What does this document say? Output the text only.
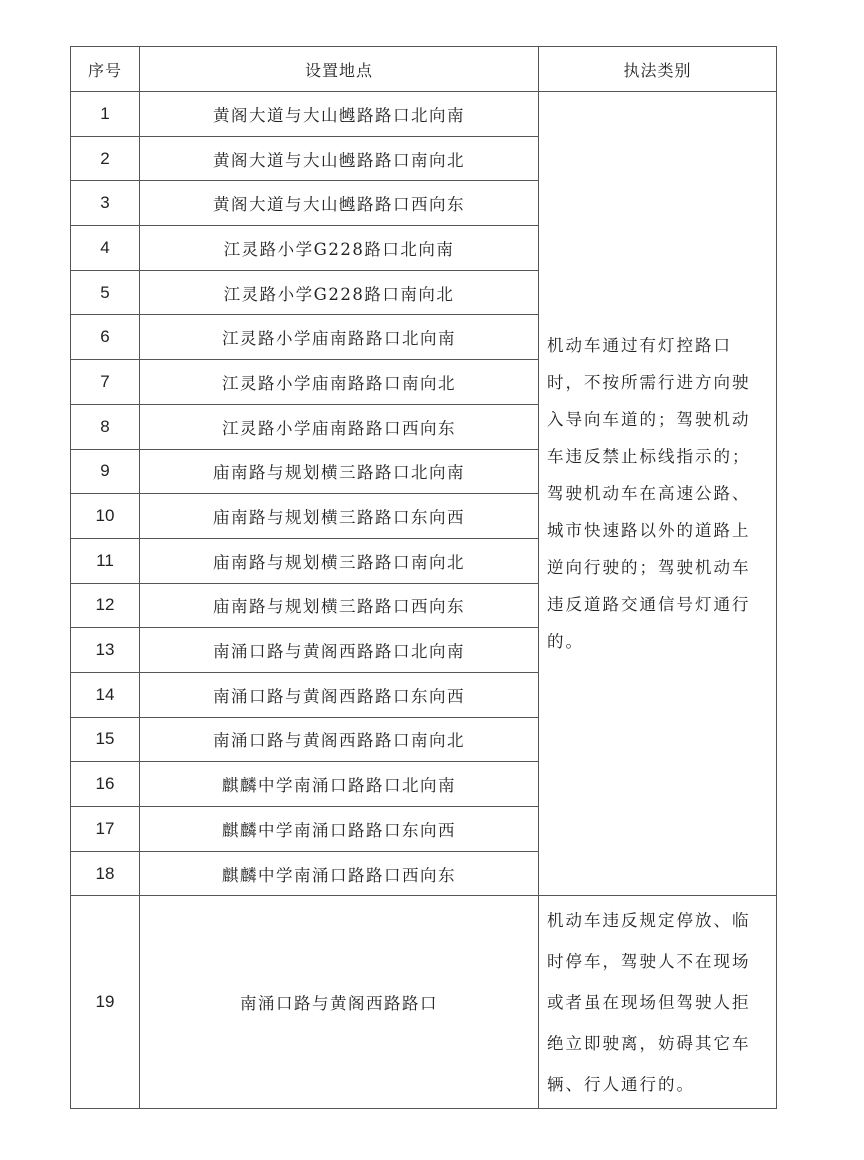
序号	设置地点	执法类别
1	黄阁大道与大山乸路路口北向南	机动车通过有灯控路口时，不按所需行进方向驶入导向车道的；驾驶机动车违反禁止标线指示的；驾驶机动车在高速公路、城市快速路以外的道路上逆向行驶的；驾驶机动车违反道路交通信号灯通行的。
2	黄阁大道与大山乸路路口南向北	
3	黄阁大道与大山乸路路口西向东	
4	江灵路小学G228路口北向南	
5	江灵路小学G228路口南向北	
6	江灵路小学庙南路路口北向南	
7	江灵路小学庙南路路口南向北	
8	江灵路小学庙南路路口西向东	
9	庙南路与规划横三路路口北向南	
10	庙南路与规划横三路路口东向西	
11	庙南路与规划横三路路口南向北	
12	庙南路与规划横三路路口西向东	
13	南涌口路与黄阁西路路口北向南	
14	南涌口路与黄阁西路路口东向西	
15	南涌口路与黄阁西路路口南向北	
16	麒麟中学南涌口路路口北向南	
17	麒麟中学南涌口路路口东向西	
18	麒麟中学南涌口路路口西向东	
19	南涌口路与黄阁西路路口	机动车违反规定停放、临时停车，驾驶人不在现场或者虽在现场但驾驶人拒绝立即驶离，妨碍其它车辆、行人通行的。
